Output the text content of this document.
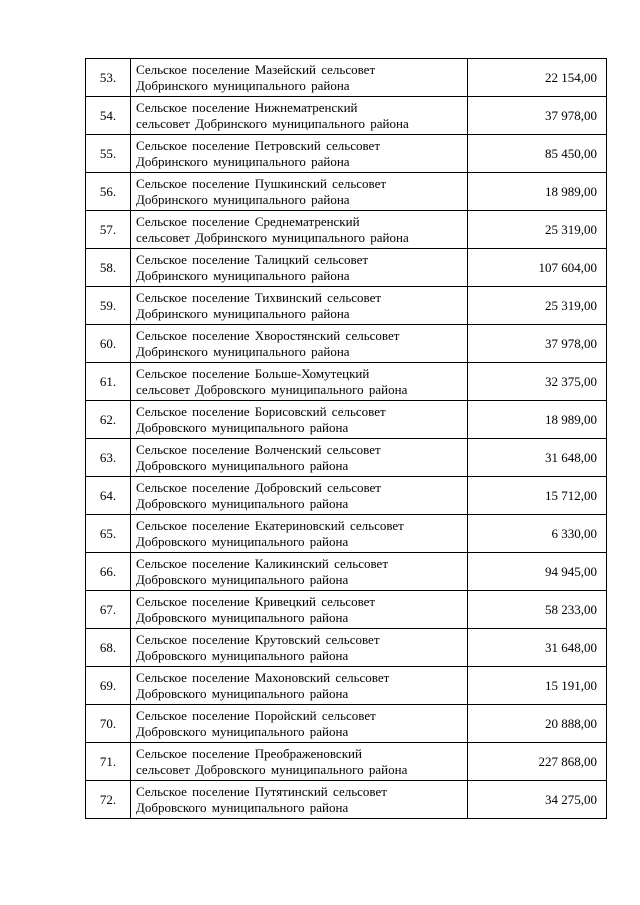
53.	Сельское поселение Мазейский сельсовет
Добринского муниципального района	22 154,00
54.	Сельское поселение Нижнематренский
сельсовет Добринского муниципального района	37 978,00
55.	Сельское поселение Петровский сельсовет
Добринского муниципального района	85 450,00
56.	Сельское поселение Пушкинский сельсовет
Добринского муниципального района	18 989,00
57.	Сельское поселение Среднематренский
сельсовет Добринского муниципального района	25 319,00
58.	Сельское поселение Талицкий сельсовет
Добринского муниципального района	107 604,00
59.	Сельское поселение Тихвинский сельсовет
Добринского муниципального района	25 319,00
60.	Сельское поселение Хворостянский сельсовет
Добринского муниципального района	37 978,00
61.	Сельское поселение Больше-Хомутецкий
сельсовет Добровского муниципального района	32 375,00
62.	Сельское поселение Борисовский сельсовет
Добровского муниципального района	18 989,00
63.	Сельское поселение Волченский сельсовет
Добровского муниципального района	31 648,00
64.	Сельское поселение Добровский сельсовет
Добровского муниципального района	15 712,00
65.	Сельское поселение Екатериновский сельсовет
Добровского муниципального района	6 330,00
66.	Сельское поселение Каликинский сельсовет
Добровского муниципального района	94 945,00
67.	Сельское поселение Кривецкий сельсовет
Добровского муниципального района	58 233,00
68.	Сельское поселение Крутовский сельсовет
Добровского муниципального района	31 648,00
69.	Сельское поселение Махоновский сельсовет
Добровского муниципального района	15 191,00
70.	Сельское поселение Поройский сельсовет
Добровского муниципального района	20 888,00
71.	Сельское поселение Преображеновский
сельсовет Добровского муниципального района	227 868,00
72.	Сельское поселение Путятинский сельсовет
Добровского муниципального района	34 275,00
